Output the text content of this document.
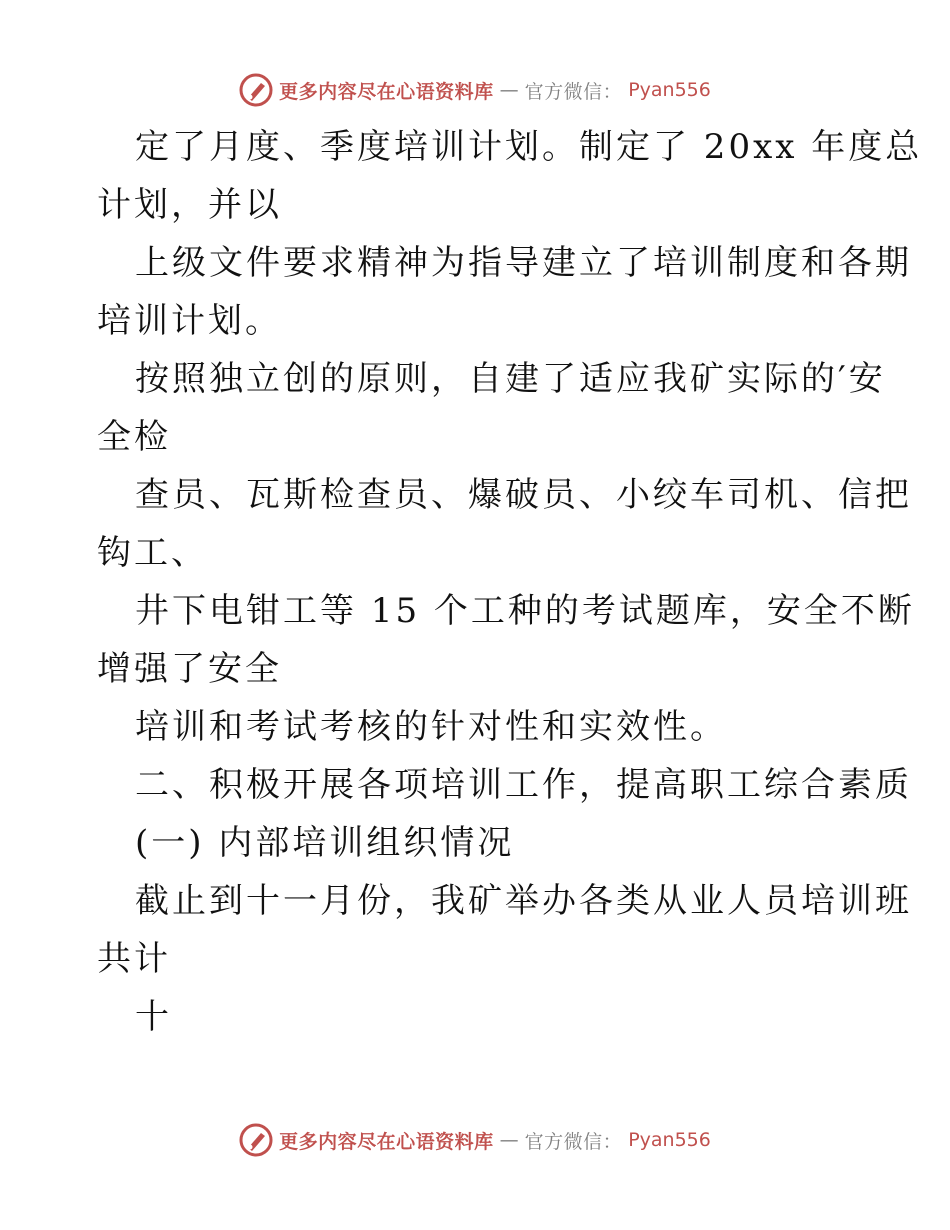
更多内容尽在心语资料库 — 官方微信： Pyan556
定了月度、季度培训计划。制定了 20xx 年度总
计划，并以
上级文件要求精神为指导建立了培训制度和各期
培训计划。
按照独立创的原则，自建了适应我矿实际的′安
全检
查员、瓦斯检查员、爆破员、小绞车司机、信把
钩工、
井下电钳工等 15 个工种的考试题库，安全不断
增强了安全
培训和考试考核的针对性和实效性。
二、积极开展各项培训工作，提高职工综合素质
(一) 内部培训组织情况
截止到十一月份，我矿举办各类从业人员培训班
共计
十
更多内容尽在心语资料库 — 官方微信： Pyan556
